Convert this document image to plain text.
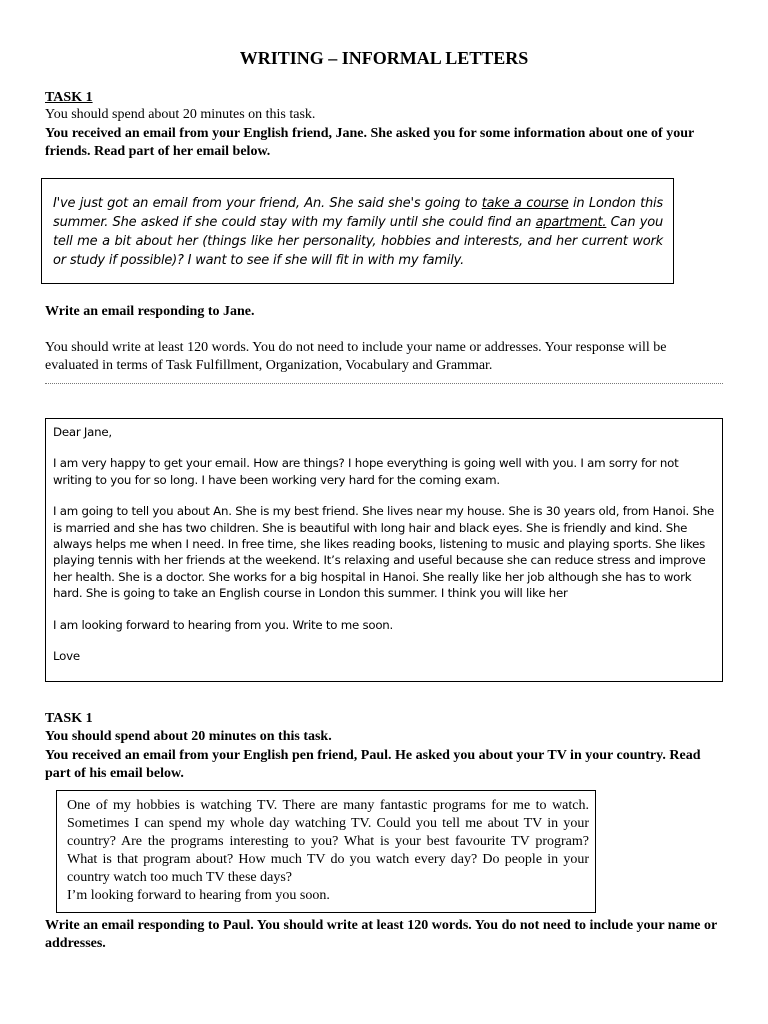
WRITING – INFORMAL LETTERS
TASK 1
You should spend about 20 minutes on this task.
You received an email from your English friend, Jane. She asked you for some information about one of your friends. Read part of her email below.

I've just got an email from your friend, An. She said she's going to take a course in London this summer. She asked if she could stay with my family until she could find an apartment. Can you tell me a bit about her (things like her personality, hobbies and interests, and her current work or study if possible)? I want to see if she will fit in with my family.

Write an email responding to Jane.
You should write at least 120 words. You do not need to include your name or addresses. Your response will be evaluated in terms of Task Fulfillment, Organization, Vocabulary and Grammar.

Dear Jane,

I am very happy to get your email. How are things? I hope everything is going well with you. I am sorry for not writing to you for so long. I have been working very hard for the coming exam.

I am going to tell you about An. She is my best friend. She lives near my house. She is 30 years old, from Hanoi. She is married and she has two children. She is beautiful with long hair and black eyes. She is friendly and kind. She always helps me when I need. In free time, she likes reading books, listening to music and playing sports. She likes playing tennis with her friends at the weekend. It’s relaxing and useful because she can reduce stress and improve her health. She is a doctor. She works for a big hospital in Hanoi. She really like her job although she has to work hard. She is going to take an English course in London this summer. I think you will like her

I am looking forward to hearing from you. Write to me soon.

Love

TASK 1
You should spend about 20 minutes on this task.
You received an email from your English pen friend, Paul. He asked you about your TV in your country. Read part of his email below.

One of my hobbies is watching TV. There are many fantastic programs for me to watch. Sometimes I can spend my whole day watching TV. Could you tell me about TV in your country? Are the programs interesting to you? What is your best favourite TV program? What is that program about? How much TV do you watch every day? Do people in your country watch too much TV these days?

I’m looking forward to hearing from you soon.

Write an email responding to Paul. You should write at least 120 words. You do not need to include your name or addresses.
